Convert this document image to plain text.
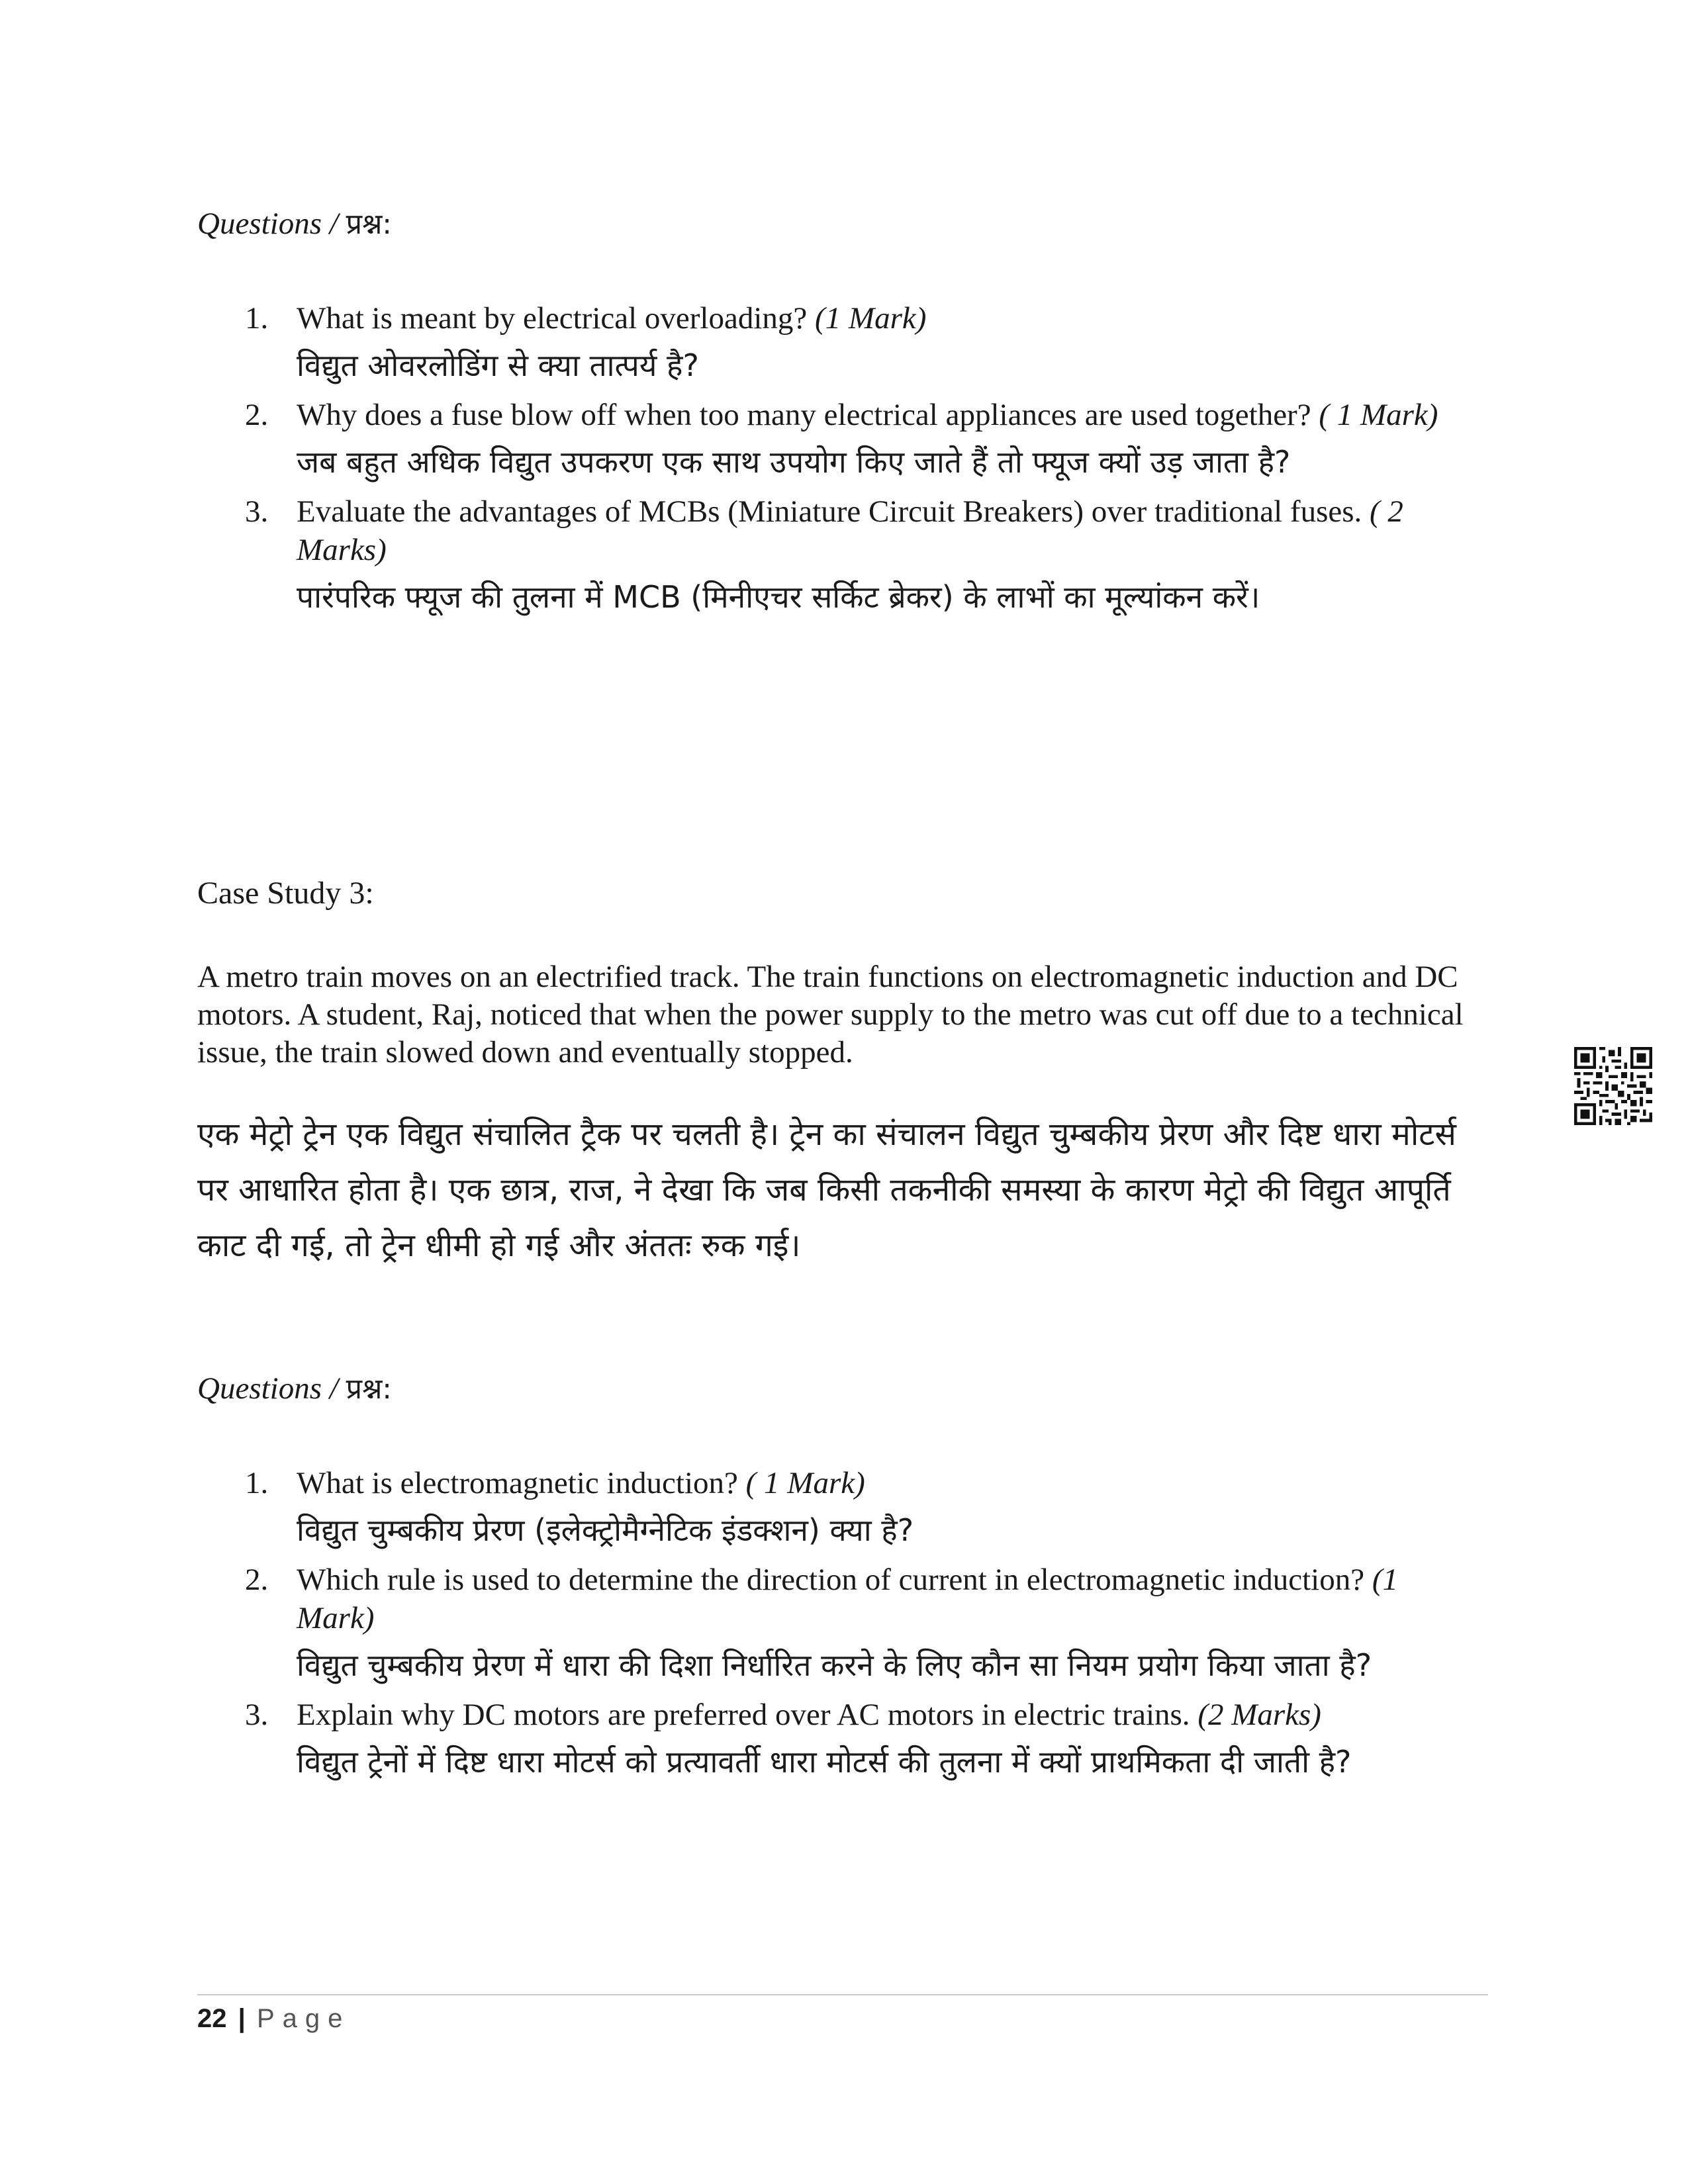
Questions / प्रश्न:
1. What is meant by electrical overloading? (1 Mark)
विद्युत ओवरलोडिंग से क्या तात्पर्य है?
2. Why does a fuse blow off when too many electrical appliances are used together? ( 1 Mark)
जब बहुत अधिक विद्युत उपकरण एक साथ उपयोग किए जाते हैं तो फ्यूज क्यों उड़ जाता है?
3. Evaluate the advantages of MCBs (Miniature Circuit Breakers) over traditional fuses. ( 2 Marks)
पारंपरिक फ्यूज की तुलना में MCB (मिनीएचर सर्किट ब्रेकर) के लाभों का मूल्यांकन करें।
Case Study 3:
A metro train moves on an electrified track. The train functions on electromagnetic induction and DC motors. A student, Raj, noticed that when the power supply to the metro was cut off due to a technical issue, the train slowed down and eventually stopped.
एक मेट्रो ट्रेन एक विद्युत संचालित ट्रैक पर चलती है। ट्रेन का संचालन विद्युत चुम्बकीय प्रेरण और दिष्ट धारा मोटर्स पर आधारित होता है। एक छात्र, राज, ने देखा कि जब किसी तकनीकी समस्या के कारण मेट्रो की विद्युत आपूर्ति काट दी गई, तो ट्रेन धीमी हो गई और अंततः रुक गई।
Questions / प्रश्न:
1. What is electromagnetic induction? ( 1 Mark)
विद्युत चुम्बकीय प्रेरण (इलेक्ट्रोमैग्नेटिक इंडक्शन) क्या है?
2. Which rule is used to determine the direction of current in electromagnetic induction? (1 Mark)
विद्युत चुम्बकीय प्रेरण में धारा की दिशा निर्धारित करने के लिए कौन सा नियम प्रयोग किया जाता है?
3. Explain why DC motors are preferred over AC motors in electric trains. (2 Marks)
विद्युत ट्रेनों में दिष्ट धारा मोटर्स को प्रत्यावर्ती धारा मोटर्स की तुलना में क्यों प्राथमिकता दी जाती है?
22 | Page
